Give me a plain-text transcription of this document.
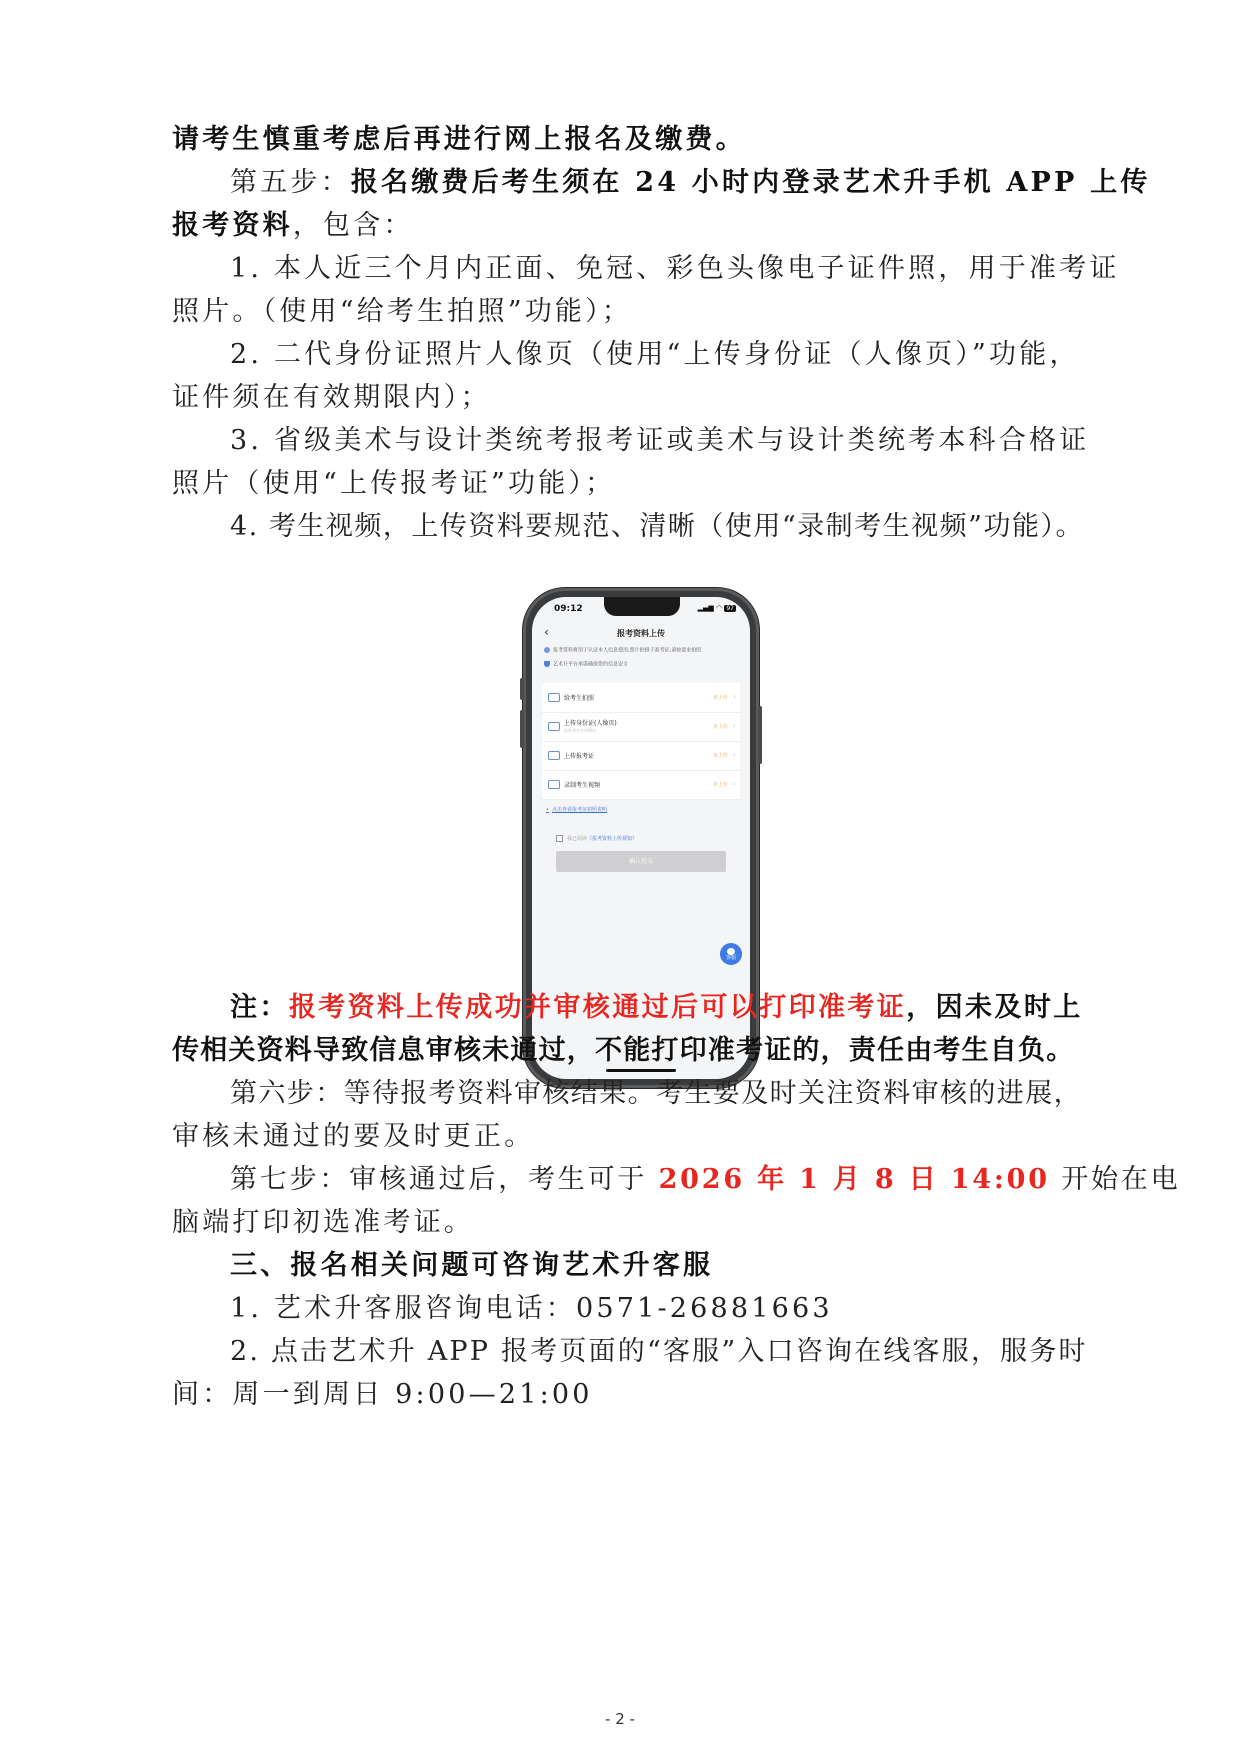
请考生慎重考虑后再进行网上报名及缴费。
第五步：报名缴费后考生须在 24 小时内登录艺术升手机 APP 上传
报考资料，包含：
1. 本人近三个月内正面、免冠、彩色头像电子证件照，用于准考证
照片。（使用“给考生拍照”功能）；
2. 二代身份证照片人像页（使用“上传身份证（人像页）”功能，
证件须在有效期限内）；
3. 省级美术与设计类统考报考证或美术与设计类统考本科合格证
照片（使用“上传报考证”功能）；
4. 考生视频，上传资料要规范、清晰（使用“录制考生视频”功能）。
09:12	▂▄▆ ◠ 97
‹	报考资料上传
报考资料将用于认证本人信息使用,照片拍摄于准考证,请按要求拍照
艺术升平台承诺确保您的信息安全
给考生拍照	未上传 ›
上传身份证(人像页)
证件须在有效期内
未上传 ›
上传报考证	未上传 ›
录制考生视频	未上传 ›
• 点击查看报考证拍照说明
我已阅读《报考资料上传须知》
确认提交
客服
注：报考资料上传成功并审核通过后可以打印准考证，因未及时上
传相关资料导致信息审核未通过，不能打印准考证的，责任由考生自负。
第六步：等待报考资料审核结果。考生要及时关注资料审核的进展，
审核未通过的要及时更正。
第七步：审核通过后，考生可于 2026 年 1 月 8 日 14:00 开始在电
脑端打印初选准考证。
三、报名相关问题可咨询艺术升客服
1. 艺术升客服咨询电话：0571-26881663
2. 点击艺术升 APP 报考页面的“客服”入口咨询在线客服，服务时
间：周一到周日 9:00—21:00
- 2 -
